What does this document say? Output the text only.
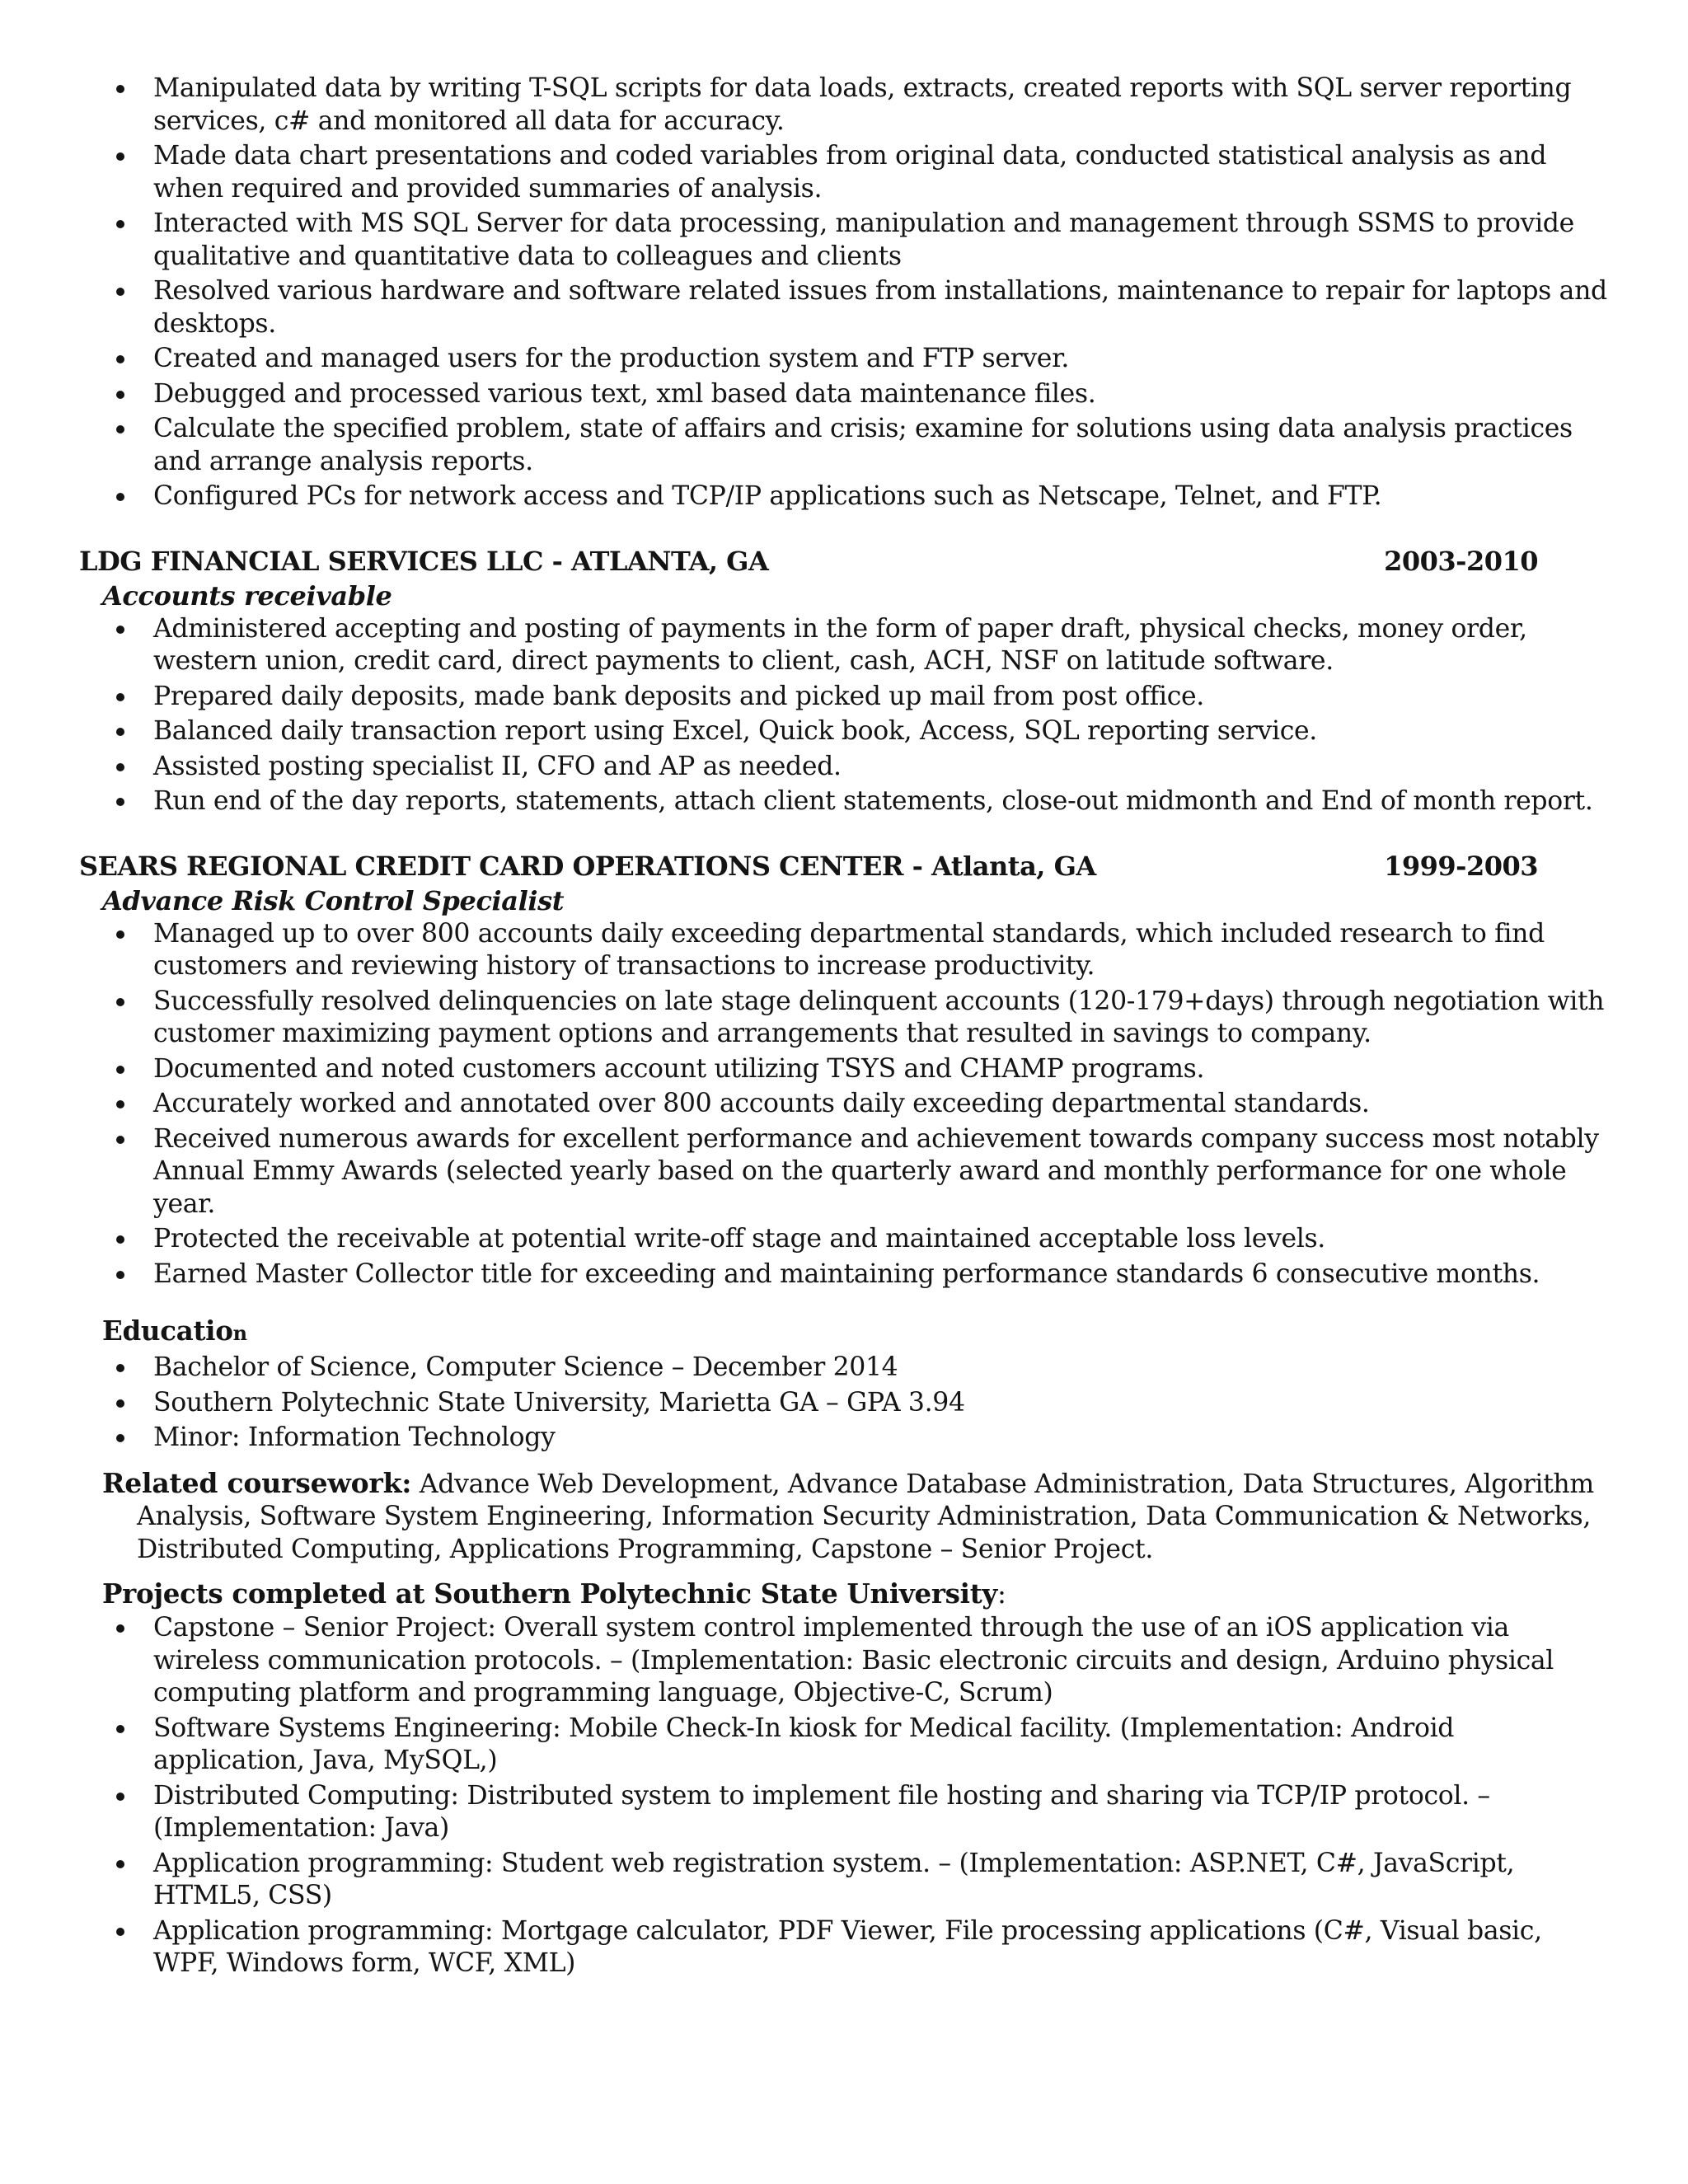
Manipulated data by writing T-SQL scripts for data loads, extracts, created reports with SQL server reporting services, c# and monitored all data for accuracy.
Made data chart presentations and coded variables from original data, conducted statistical analysis as and when required and provided summaries of analysis.
Interacted with MS SQL Server for data processing, manipulation and management through SSMS to provide qualitative and quantitative data to colleagues and clients
Resolved various hardware and software related issues from installations, maintenance to repair for laptops and desktops.
Created and managed users for the production system and FTP server.
Debugged and processed various text, xml based data maintenance files.
Calculate the specified problem, state of affairs and crisis; examine for solutions using data analysis practices and arrange analysis reports.
Configured PCs for network access and TCP/IP applications such as Netscape, Telnet, and FTP.
LDG FINANCIAL SERVICES LLC - ATLANTA, GA	2003-2010
Accounts receivable
Administered accepting and posting of payments in the form of paper draft, physical checks, money order, western union, credit card, direct payments to client, cash, ACH, NSF on latitude software.
Prepared daily deposits, made bank deposits and picked up mail from post office.
Balanced daily transaction report using Excel, Quick book, Access, SQL reporting service.
Assisted posting specialist II, CFO and AP as needed.
Run end of the day reports, statements, attach client statements, close-out midmonth and End of month report.
SEARS REGIONAL CREDIT CARD OPERATIONS CENTER - Atlanta, GA	1999-2003
Advance Risk Control Specialist
Managed up to over 800 accounts daily exceeding departmental standards, which included research to find customers and reviewing history of transactions to increase productivity.
Successfully resolved delinquencies on late stage delinquent accounts (120-179+days) through negotiation with customer maximizing payment options and arrangements that resulted in savings to company.
Documented and noted customers account utilizing TSYS and CHAMP programs.
Accurately worked and annotated over 800 accounts daily exceeding departmental standards.
Received numerous awards for excellent performance and achievement towards company success most notably Annual Emmy Awards (selected yearly based on the quarterly award and monthly performance for one whole year.
Protected the receivable at potential write-off stage and maintained acceptable loss levels.
Earned Master Collector title for exceeding and maintaining performance standards 6 consecutive months.
Education
Bachelor of Science, Computer Science – December 2014
Southern Polytechnic State University, Marietta GA – GPA 3.94
Minor: Information Technology
Related coursework: Advance Web Development, Advance Database Administration, Data Structures, Algorithm Analysis, Software System Engineering, Information Security Administration, Data Communication & Networks, Distributed Computing, Applications Programming, Capstone – Senior Project.
Projects completed at Southern Polytechnic State University:
Capstone – Senior Project: Overall system control implemented through the use of an iOS application via wireless communication protocols. – (Implementation: Basic electronic circuits and design, Arduino physical computing platform and programming language, Objective-C, Scrum)
Software Systems Engineering: Mobile Check-In kiosk for Medical facility. (Implementation: Android application, Java, MySQL,)
Distributed Computing: Distributed system to implement file hosting and sharing via TCP/IP protocol. – (Implementation: Java)
Application programming: Student web registration system. – (Implementation: ASP.NET, C#, JavaScript, HTML5, CSS)
Application programming: Mortgage calculator, PDF Viewer, File processing applications (C#, Visual basic, WPF, Windows form, WCF, XML)
